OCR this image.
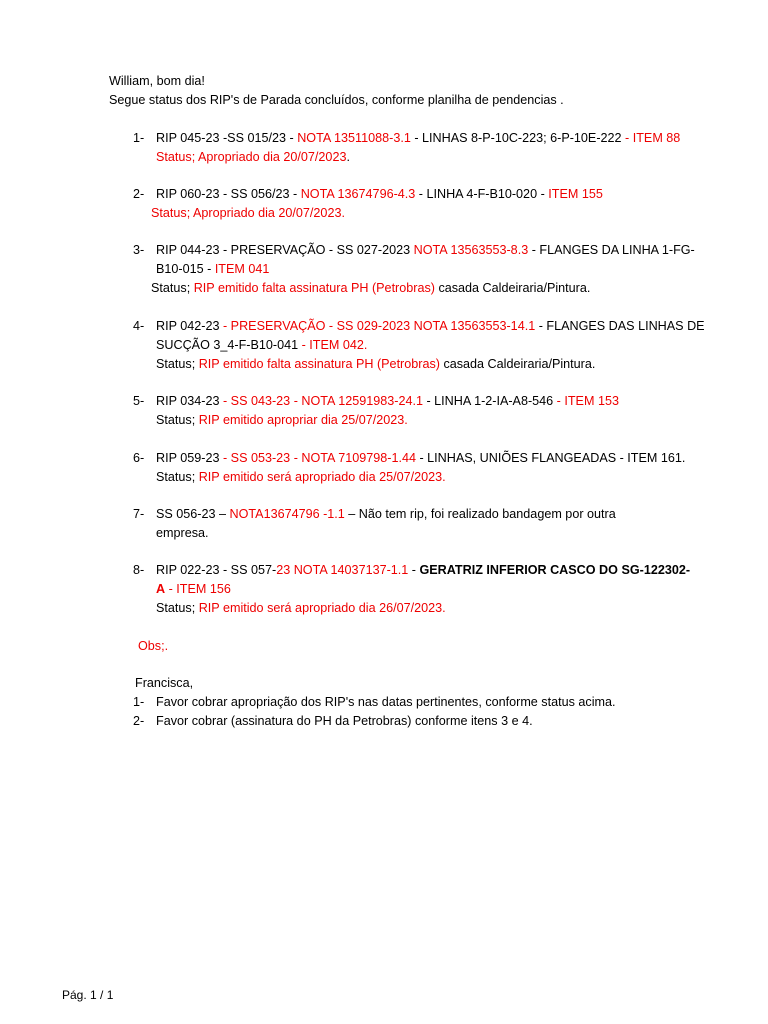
William, bom dia!
Segue status dos RIP's de Parada concluídos, conforme planilha de pendencias .
1- RIP 045-23 -SS 015/23 - NOTA 13511088-3.1 - LINHAS 8-P-10C-223; 6-P-10E-222 - ITEM 88
Status; Apropriado dia 20/07/2023.
2- RIP 060-23 - SS 056/23 - NOTA 13674796-4.3 - LINHA 4-F-B10-020 - ITEM 155
Status; Apropriado dia 20/07/2023.
3- RIP 044-23 - PRESERVAÇÃO - SS 027-2023 NOTA 13563553-8.3 - FLANGES DA LINHA 1-FG-
B10-015 - ITEM 041
Status; RIP emitido falta assinatura PH (Petrobras) casada Caldeiraria/Pintura.
4- RIP 042-23 - PRESERVAÇÃO - SS 029-2023 NOTA 13563553-14.1 - FLANGES DAS LINHAS DE
SUCÇÃO 3_4-F-B10-041 - ITEM 042.
Status; RIP emitido falta assinatura PH (Petrobras) casada Caldeiraria/Pintura.
5- RIP 034-23 - SS 043-23 - NOTA 12591983-24.1 - LINHA 1-2-IA-A8-546 - ITEM 153
Status; RIP emitido apropriar dia 25/07/2023.
6- RIP 059-23 - SS 053-23 - NOTA 7109798-1.44 - LINHAS, UNIÕES FLANGEADAS - ITEM 161.
Status; RIP emitido será apropriado dia 25/07/2023.
7- SS 056-23 – NOTA13674796 -1.1 – Não tem rip, foi realizado bandagem por outra
empresa.
8- RIP 022-23 - SS 057-23 NOTA 14037137-1.1 - GERATRIZ INFERIOR CASCO DO SG-122302-
A - ITEM 156
Status; RIP emitido será apropriado dia 26/07/2023.
Obs;.
Francisca,
1- Favor cobrar apropriação dos RIP's nas datas pertinentes, conforme status acima.
2- Favor cobrar (assinatura do PH da Petrobras) conforme itens 3 e 4.
Pág. 1 / 1
